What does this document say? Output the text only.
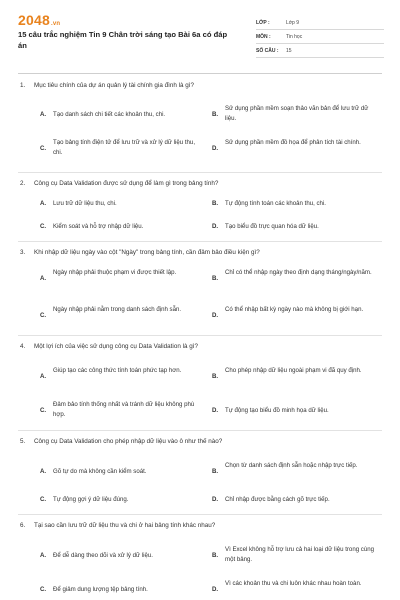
2048.vn
15 câu trắc nghiệm Tin 9 Chân trời sáng tạo Bài 6a có đáp án
LỚP :	Lớp 9
MÔN :	Tin học
SỐ CÂU :	15
1. Mục tiêu chính của dự án quản lý tài chính gia đình là gì?
A. Tạo danh sách chi tiết các khoản thu, chi.	B.
Sử dụng phần mềm soạn thảo văn bản để lưu trữ dữ liệu.
C.
Tạo bảng tính điện tử để lưu trữ và xử lý dữ liệu thu, chi.	D.
Sử dụng phần mềm đồ họa để phân tích tài chính.
2. Công cụ Data Validation được sử dụng để làm gì trong bảng tính?
A. Lưu trữ dữ liệu thu, chi.	B. Tự động tính toán các khoản thu, chi.
C. Kiểm soát và hỗ trợ nhập dữ liệu.	D. Tạo biểu đồ trực quan hóa dữ liệu.
3. Khi nhập dữ liệu ngày vào cột "Ngày" trong bảng tính, cần đảm bảo điều kiện gì?
A.
Ngày nhập phải thuộc phạm vi được thiết lập.
B.
Chỉ có thể nhập ngày theo định dạng tháng/ngày/năm.
C.
Ngày nhập phải nằm trong danh sách định sẵn.
D.
Có thể nhập bất kỳ ngày nào mà không bị giới hạn.
4. Một lợi ích của việc sử dụng công cụ Data Validation là gì?
A.
Giúp tạo các công thức tính toán phức tạp hơn.
B.
Cho phép nhập dữ liệu ngoài phạm vi đã quy định.
C.
Đảm bảo tính thống nhất và tránh dữ liệu không phù hợp.	D. Tự động tạo biểu đồ minh họa dữ liệu.
5. Công cụ Data Validation cho phép nhập dữ liệu vào ô như thế nào?
A. Gõ tự do mà không cần kiểm soát.	B.
Chọn từ danh sách định sẵn hoặc nhập trực tiếp.
C. Tự động gợi ý dữ liệu đúng.	D. Chỉ nhập được bằng cách gõ trực tiếp.
6. Tại sao cần lưu trữ dữ liệu thu và chi ở hai bảng tính khác nhau?
A. Để dễ dàng theo dõi và xử lý dữ liệu.	B.
Vì Excel không hỗ trợ lưu cả hai loại dữ liệu trong cùng một bảng.
C. Để giảm dung lượng tệp bảng tính.	D.
Vì các khoản thu và chi luôn khác nhau hoàn toàn.
